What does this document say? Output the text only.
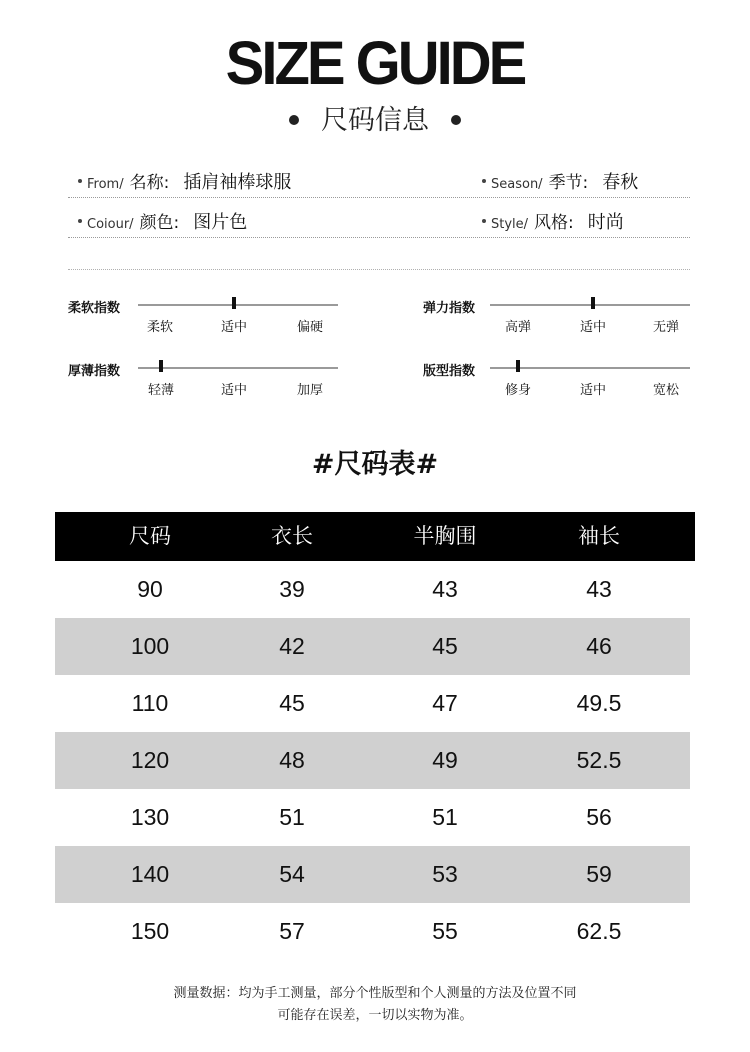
SIZE GUIDE
尺码信息
From/ 名称: 插肩袖棒球服	Season/ 季节: 春秋
Coiour/ 颜色: 图片色	Style/ 风格: 时尚
柔软指数
柔软	适中	偏硬
弹力指数
高弹	适中	无弹
厚薄指数
轻薄	适中	加厚
版型指数
修身	适中	宽松
#尺码表#
尺码	衣长	半胸围	袖长
90	39	43	43
100	42	45	46
110	45	47	49.5
120	48	49	52.5
130	51	51	56
140	54	53	59
150	57	55	62.5
测量数据：均为手工测量，部分个性版型和个人测量的方法及位置不同
可能存在误差，一切以实物为准。
